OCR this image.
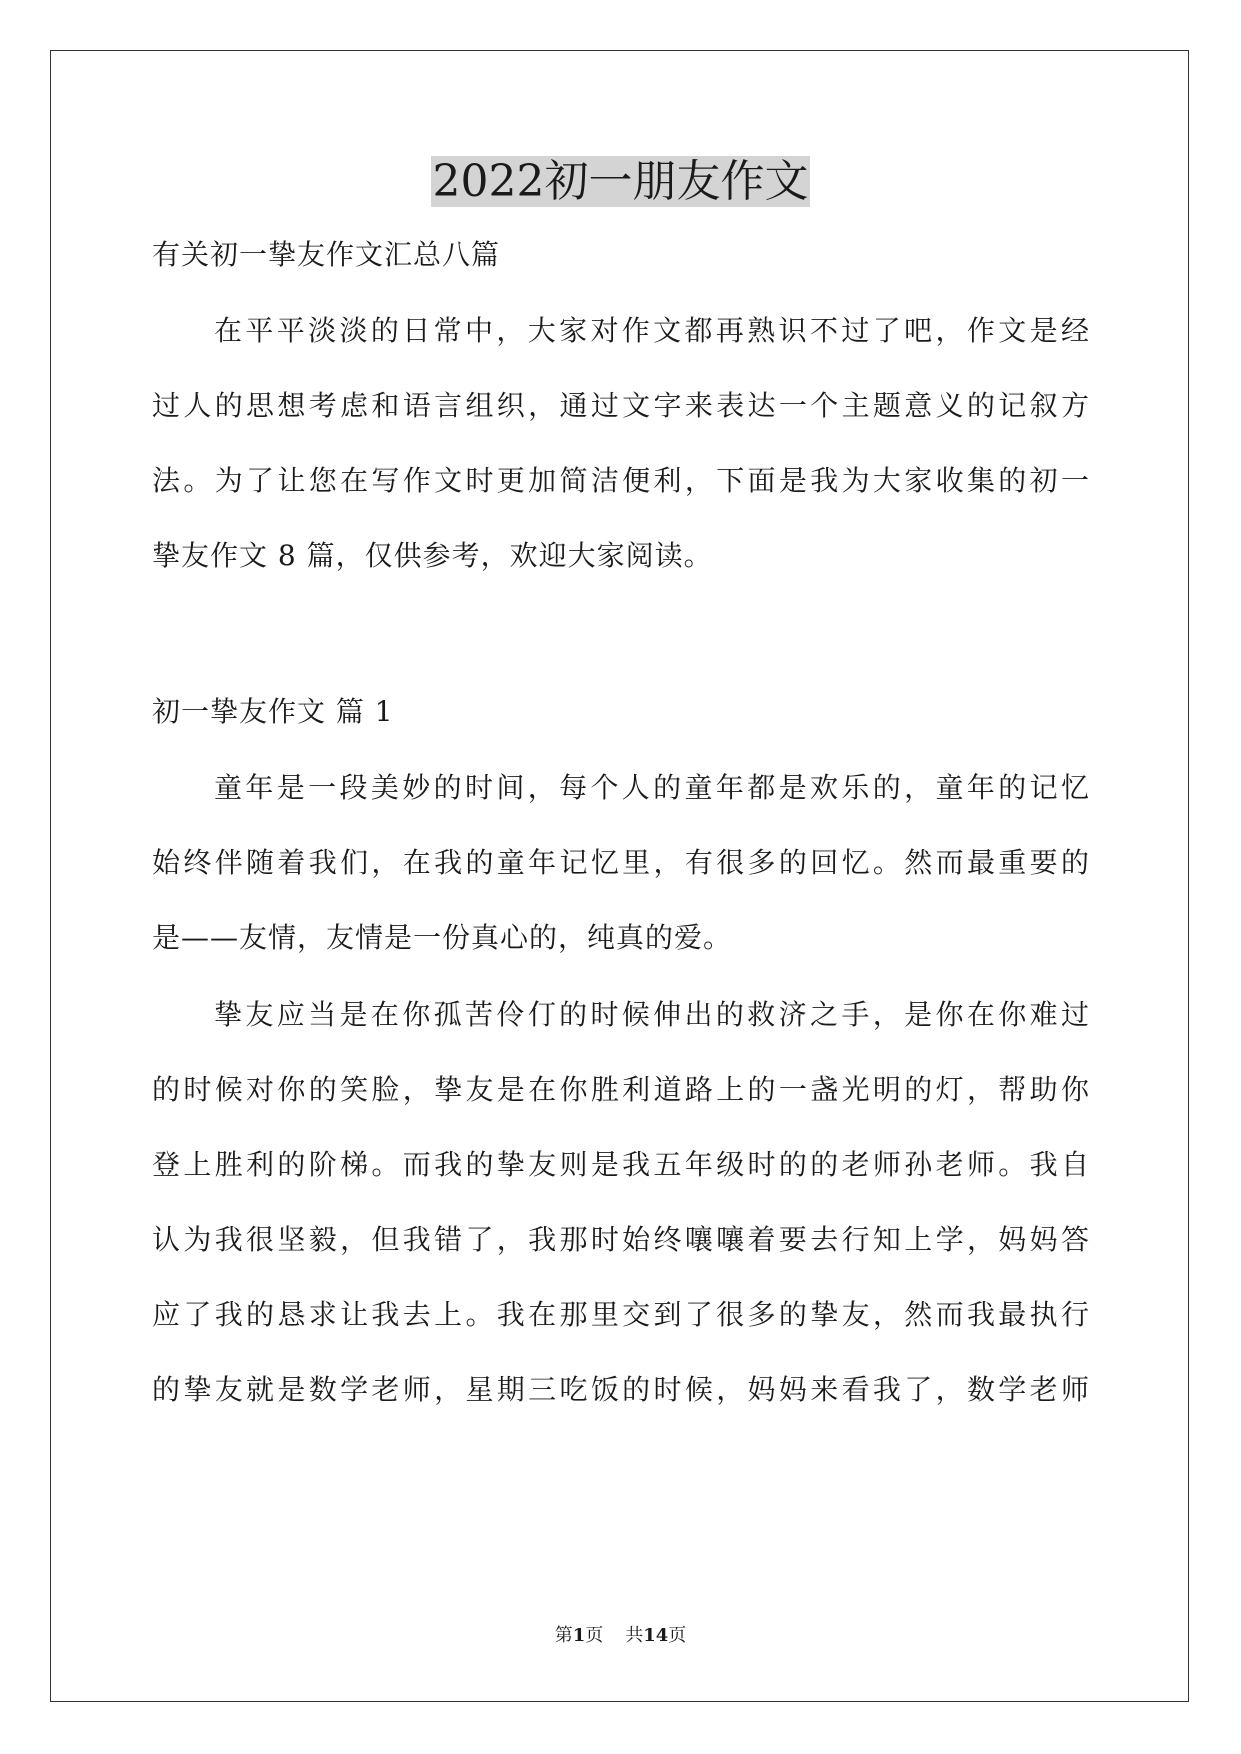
2022初一朋友作文
有关初一挚友作文汇总八篇
在平平淡淡的日常中，大家对作文都再熟识不过了吧，作文是经
过人的思想考虑和语言组织，通过文字来表达一个主题意义的记叙方
法。为了让您在写作文时更加简洁便利，下面是我为大家收集的初一
挚友作文 8 篇，仅供参考，欢迎大家阅读。
初一挚友作文 篇 1
童年是一段美妙的时间，每个人的童年都是欢乐的，童年的记忆
始终伴随着我们，在我的童年记忆里，有很多的回忆。然而最重要的
是——友情，友情是一份真心的，纯真的爱。
挚友应当是在你孤苦伶仃的时候伸出的救济之手，是你在你难过
的时候对你的笑脸，挚友是在你胜利道路上的一盏光明的灯，帮助你
登上胜利的阶梯。而我的挚友则是我五年级时的的老师孙老师。我自
认为我很坚毅，但我错了，我那时始终嚷嚷着要去行知上学，妈妈答
应了我的恳求让我去上。我在那里交到了很多的挚友，然而我最执行
的挚友就是数学老师，星期三吃饭的时候，妈妈来看我了，数学老师
第1页 共14页
